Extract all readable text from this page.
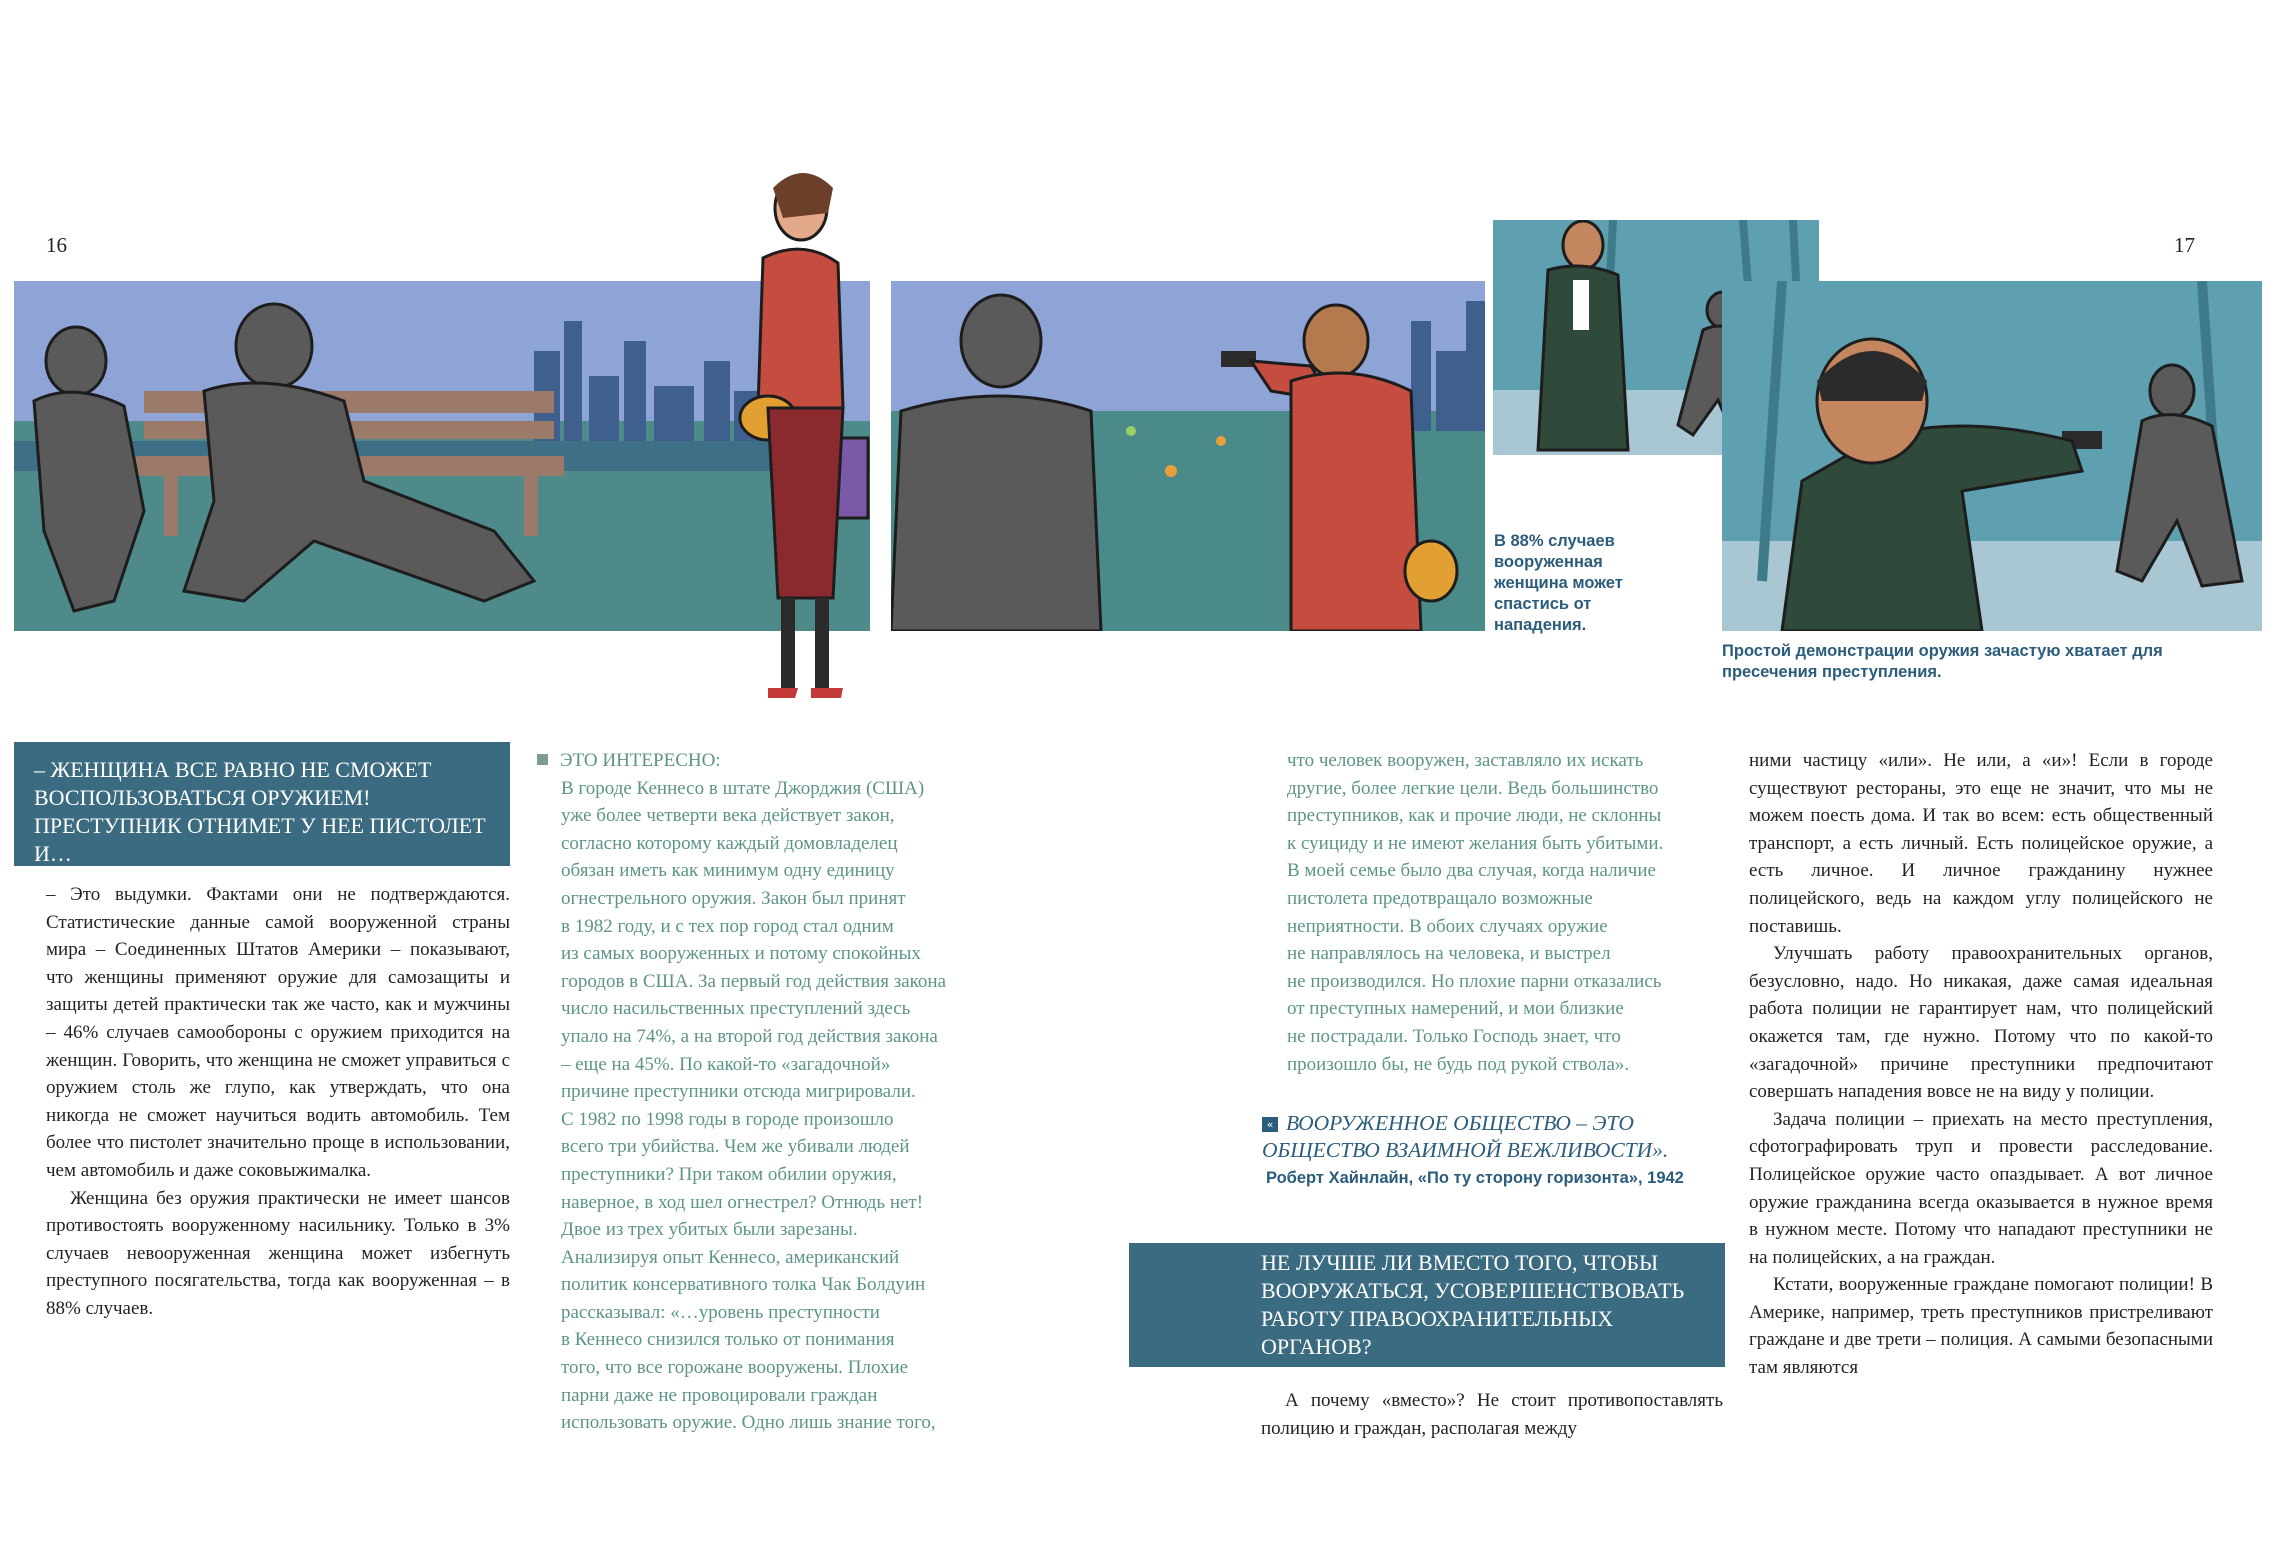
16	17
В 88% случаев вооруженная женщина может спастись от нападения.
Простой демонстрации оружия зачастую хватает для пресечения преступления.
– ЖЕНЩИНА ВСЕ РАВНО НЕ СМОЖЕТ ВОСПОЛЬЗОВАТЬСЯ ОРУЖИЕМ! ПРЕСТУПНИК ОТНИМЕТ У НЕЕ ПИСТОЛЕТ И…

– Это выдумки. Фактами они не подтверждаются. Статистические данные самой вооруженной страны мира – Соединенных Штатов Америки – показывают, что женщины применяют оружие для самозащиты и защиты детей практически так же часто, как и мужчины – 46% случаев самообороны с оружием приходится на женщин. Говорить, что женщина не сможет управиться с оружием столь же глупо, как утверждать, что она никогда не сможет научиться водить автомобиль. Тем более что пистолет значительно проще в использовании, чем автомобиль и даже соковыжималка.

Женщина без оружия практически не имеет шансов противостоять вооруженному насильнику. Только в 3% случаев невооруженная женщина может избегнуть преступного посягательства, тогда как вооруженная – в 88% случаев.

ЭТО ИНТЕРЕСНО:
В городе Кеннесо в штате Джорджия (США)
уже более четверти века действует закон,
согласно которому каждый домовладелец
обязан иметь как минимум одну единицу
огнестрельного оружия. Закон был принят
в 1982 году, и с тех пор город стал одним
из самых вооруженных и потому спокойных
городов в США. За первый год действия закона
число насильственных преступлений здесь
упало на 74%, а на второй год действия закона
– еще на 45%. По какой-то «загадочной»
причине преступники отсюда мигрировали.
С 1982 по 1998 годы в городе произошло
всего три убийства. Чем же убивали людей
преступники? При таком обилии оружия,
наверное, в ход шел огнестрел? Отнюдь нет!
Двое из трех убитых были зарезаны.
Анализируя опыт Кеннесо, американский
политик консервативного толка Чак Болдуин
рассказывал: «…уровень преступности
в Кеннесо снизился только от понимания
того, что все горожане вооружены. Плохие
парни даже не провоцировали граждан
использовать оружие. Одно лишь знание того,
что человек вооружен, заставляло их искать
другие, более легкие цели. Ведь большинство
преступников, как и прочие люди, не склонны
к суициду и не имеют желания быть убитыми.
В моей семье было два случая, когда наличие
пистолета предотвращало возможные
неприятности. В обоих случаях оружие
не направлялось на человека, и выстрел
не производился. Но плохие парни отказались
от преступных намерений, и мои близкие
не пострадали. Только Господь знает, что
произошло бы, не будь под рукой ствола».
« ВООРУЖЕННОЕ ОБЩЕСТВО – ЭТО
ОБЩЕСТВО ВЗАИМНОЙ ВЕЖЛИВОСТИ».
Роберт Хайнлайн, «По ту сторону горизонта», 1942
НЕ ЛУЧШЕ ЛИ ВМЕСТО ТОГО, ЧТОБЫ ВООРУЖАТЬСЯ, УСОВЕРШЕНСТВОВАТЬ РАБОТУ ПРАВООХРАНИТЕЛЬНЫХ ОРГАНОВ?

А почему «вместо»? Не стоит противопоставлять полицию и граждан, располагая между

ними частицу «или». Не или, а «и»! Если в городе существуют рестораны, это еще не значит, что мы не можем поесть дома. И так во всем: есть общественный транспорт, а есть личный. Есть полицейское оружие, а есть личное. И личное гражданину нужнее полицейского, ведь на каждом углу полицейского не поставишь.

Улучшать работу правоохранительных органов, безусловно, надо. Но никакая, даже самая идеальная работа полиции не гарантирует нам, что полицейский окажется там, где нужно. Потому что по какой-то «загадочной» причине преступники предпочитают совершать нападения вовсе не на виду у полиции.

Задача полиции – приехать на место преступления, сфотографировать труп и провести расследование. Полицейское оружие часто опаздывает. А вот личное оружие гражданина всегда оказывается в нужное время в нужном месте. Потому что нападают преступники не на полицейских, а на граждан.

Кстати, вооруженные граждане помогают полиции! В Америке, например, треть преступников пристреливают граждане и две трети – полиция. А самыми безопасными там являются
